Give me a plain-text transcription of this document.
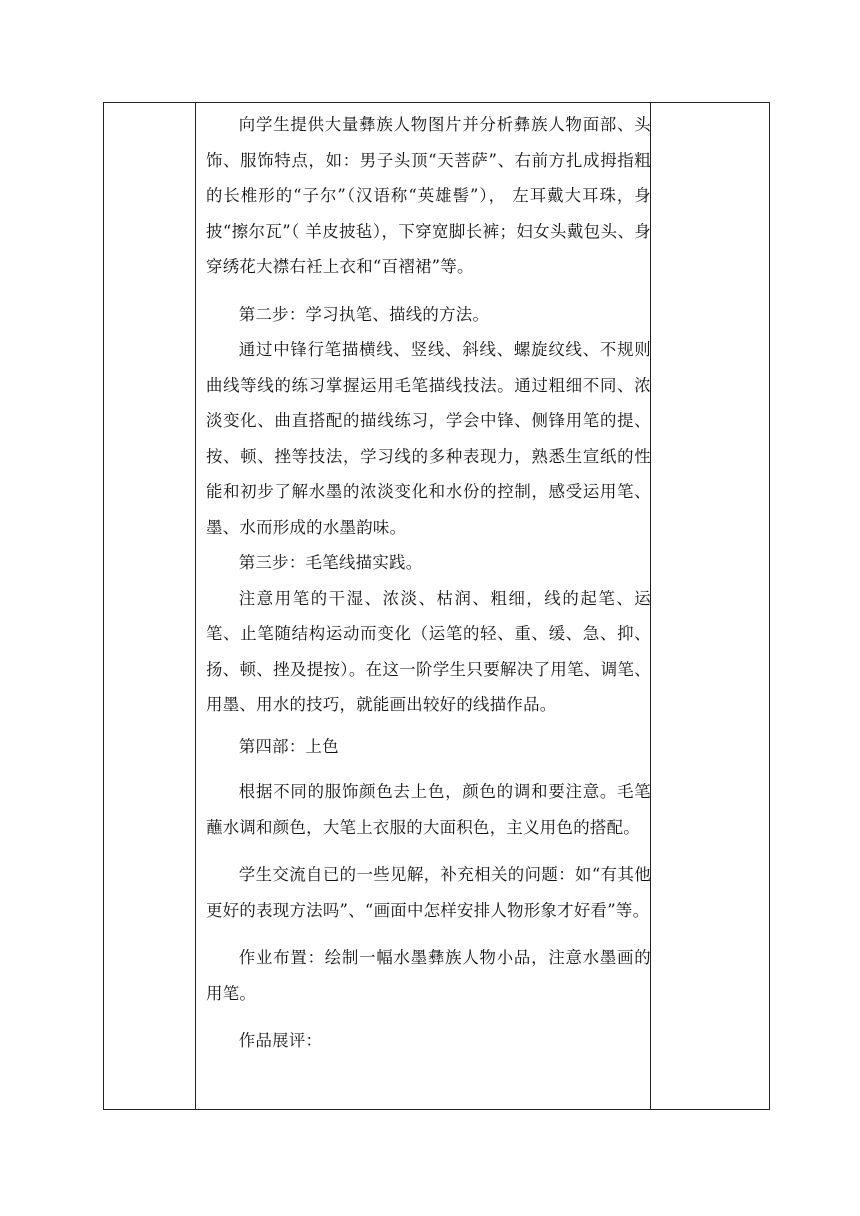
向学生提供大量彝族人物图片并分析彝族人物面部、头饰、服饰特点，如：男子头顶“天菩萨”、右前方扎成拇指粗的长椎形的“子尔”（汉语称“英雄髻”）， 左耳戴大耳珠，身披“擦尔瓦”（ 羊皮披毡），下穿宽脚长裤；妇女头戴包头、身穿绣花大襟右衽上衣和“百褶裙”等。

第二步：学习执笔、描线的方法。

通过中锋行笔描横线、竖线、斜线、螺旋纹线、不规则曲线等线的练习掌握运用毛笔描线技法。通过粗细不同、浓淡变化、曲直搭配的描线练习，学会中锋、侧锋用笔的提、按、顿、挫等技法，学习线的多种表现力，熟悉生宣纸的性能和初步了解水墨的浓淡变化和水份的控制，感受运用笔、墨、水而形成的水墨韵味。

第三步：毛笔线描实践。

注意用笔的干湿、浓淡、枯润、粗细，线的起笔、运笔、止笔随结构运动而变化（运笔的轻、重、缓、急、抑、扬、顿、挫及提按）。在这一阶学生只要解决了用笔、调笔、用墨、用水的技巧，就能画出较好的线描作品。

第四部：上色

根据不同的服饰颜色去上色，颜色的调和要注意。毛笔蘸水调和颜色，大笔上衣服的大面积色，主义用色的搭配。

学生交流自已的一些见解，补充相关的问题：如“有其他更好的表现方法吗”、“画面中怎样安排人物形象才好看”等。

作业布置：绘制一幅水墨彝族人物小品，注意水墨画的用笔。

作品展评：
